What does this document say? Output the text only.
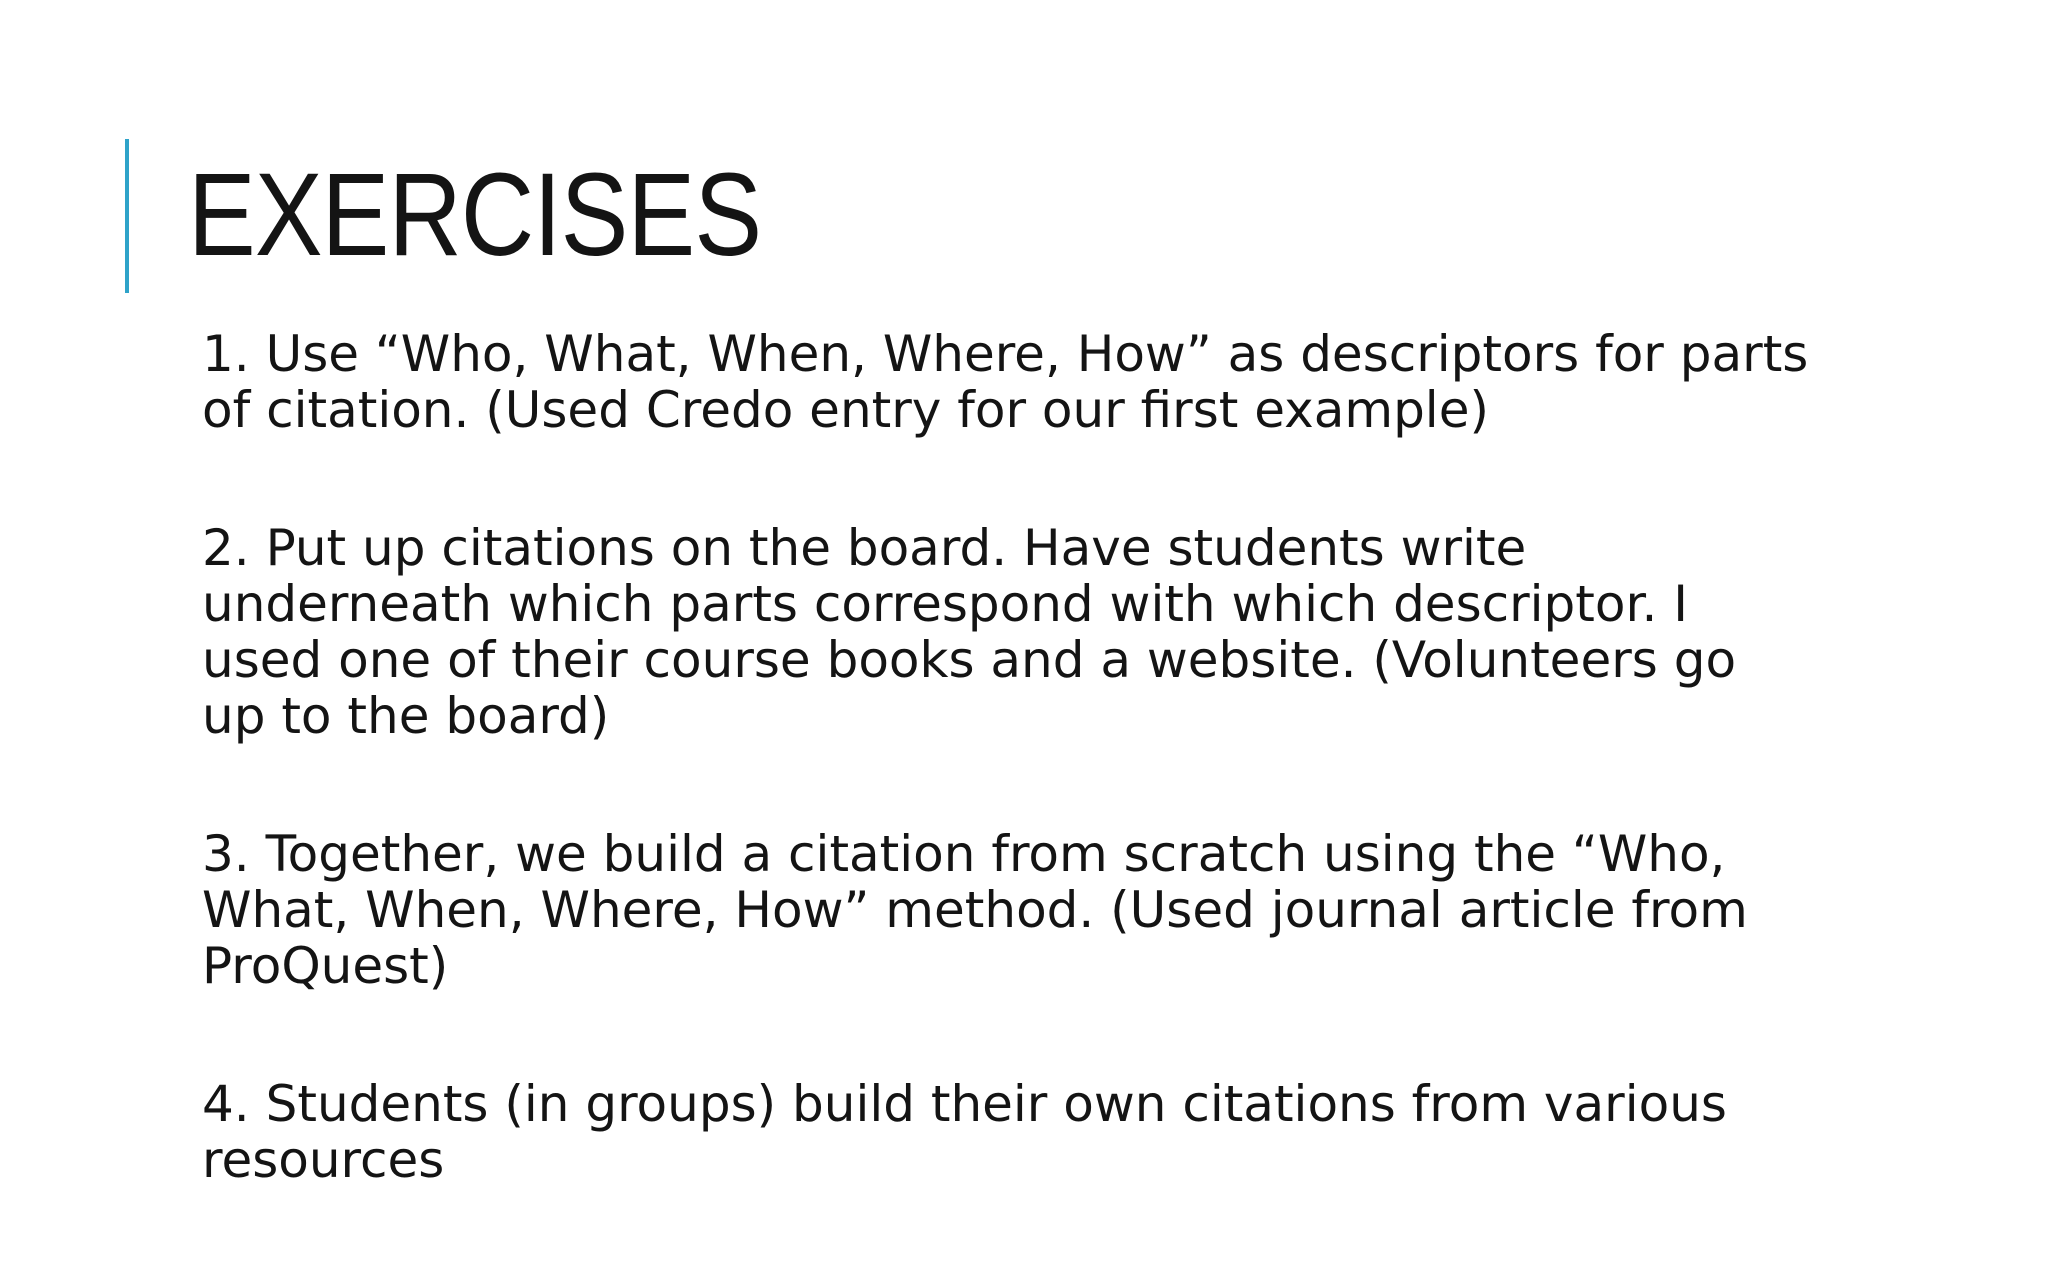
EXERCISES
1. Use “Who, What, When, Where, How” as descriptors for parts of citation. (Used Credo entry for our first example)
2. Put up citations on the board. Have students write underneath which parts correspond with which descriptor. I used one of their course books and a website. (Volunteers go up to the board)
3. Together, we build a citation from scratch using the “Who, What, When, Where, How” method. (Used journal article from ProQuest)
4. Students (in groups) build their own citations from various resources
